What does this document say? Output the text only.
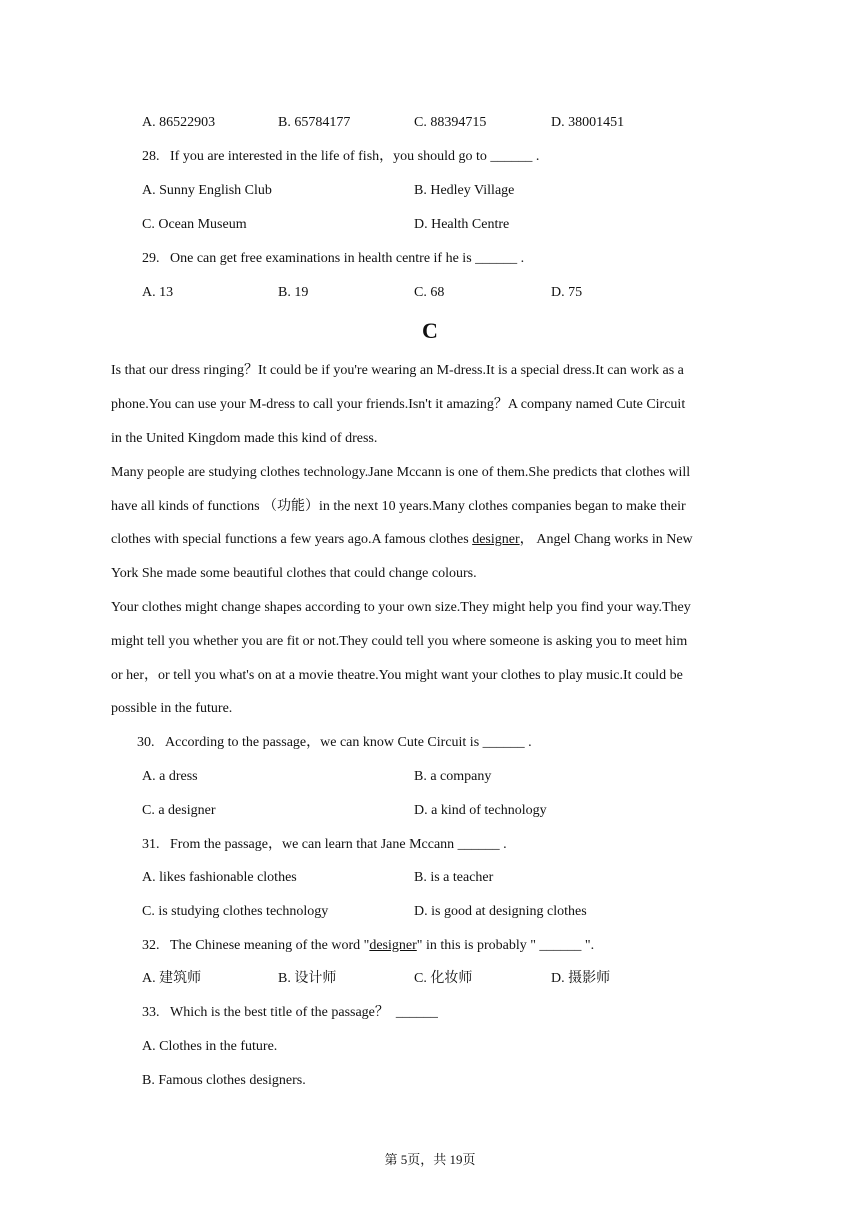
A. 86522903	B. 65784177	C. 88394715	D. 38001451
28.   If you are interested in the life of fish，you should go to ______ .
A. Sunny English Club	B. Hedley Village
C. Ocean Museum	D. Health Centre
29.   One can get free examinations in health centre if he is ______ .
A. 13	B. 19	C. 68	D. 75
C
Is that our dress ringing？It could be if you're wearing an M-dress.It is a special dress.It can work as a
phone.You can use your M-dress to call your friends.Isn't it amazing？A company named Cute Circuit
in the United Kingdom made this kind of dress.
Many people are studying clothes technology.Jane Mccann is one of them.She predicts that clothes will
have all kinds of functions （功能）in the next 10 years.Many clothes companies began to make their
clothes with special functions a few years ago.A famous clothes designer， Angel Chang works in New
York She made some beautiful clothes that could change colours.
Your clothes might change shapes according to your own size.They might help you find your way.They
might tell you whether you are fit or not.They could tell you where someone is asking you to meet him
or her，or tell you what's on at a movie theatre.You might want your clothes to play music.It could be
possible in the future.
30.   According to the passage，we can know Cute Circuit is ______ .
A. a dress	B. a company
C. a designer	D. a kind of technology
31.   From the passage，we can learn that Jane Mccann ______ .
A. likes fashionable clothes	B. is a teacher
C. is studying clothes technology	D. is good at designing clothes
32.   The Chinese meaning of the word "designer" in this is probably " ______ ".
A. 建筑师	B. 设计师	C. 化妆师	D. 摄影师
33.   Which is the best title of the passage？  ______
A. Clothes in the future.
B. Famous clothes designers.
第 5页，共 19页
